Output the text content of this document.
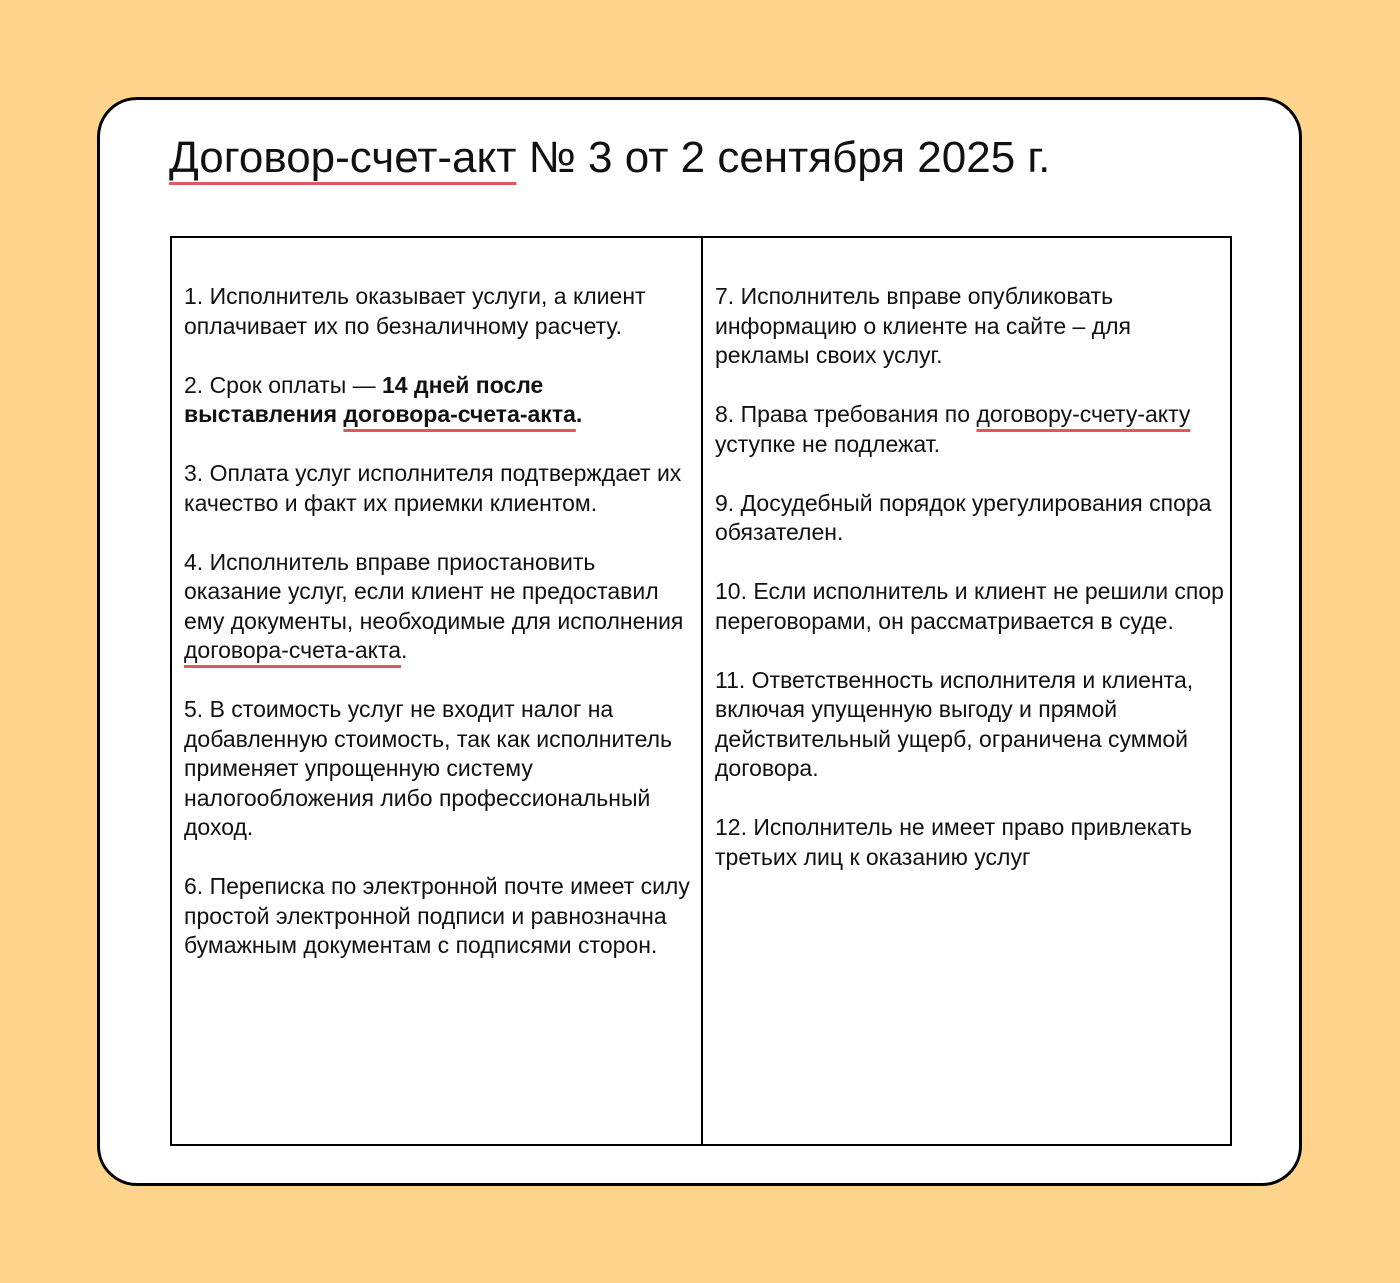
Договор-счет-акт № 3 от 2 сентября 2025 г.

1. Исполнитель оказывает услуги, а клиент оплачивает их по безналичному расчету.

2. Срок оплаты — 14 дней после выставления договора-счета-акта.

3. Оплата услуг исполнителя подтверждает их качество и факт их приемки клиентом.

4. Исполнитель вправе приостановить оказание услуг, если клиент не предоставил ему документы, необходимые для исполнения договора-счета-акта.

5. В стоимость услуг не входит налог на добавленную стоимость, так как исполнитель применяет упрощенную систему налогообложения либо профессиональный доход.

6. Переписка по электронной почте имеет силу простой электронной подписи и равнозначна бумажным документам с подписями сторон.

7. Исполнитель вправе опубликовать информацию о клиенте на сайте – для рекламы своих услуг.

8. Права требования по договору-счету-акту уступке не подлежат.

9. Досудебный порядок урегулирования спора обязателен.

10. Если исполнитель и клиент не решили спор переговорами, он рассматривается в суде.

11. Ответственность исполнителя и клиента, включая упущенную выгоду и прямой действительный ущерб, ограничена суммой договора.

12. Исполнитель не имеет право привлекать третьих лиц к оказанию услуг
